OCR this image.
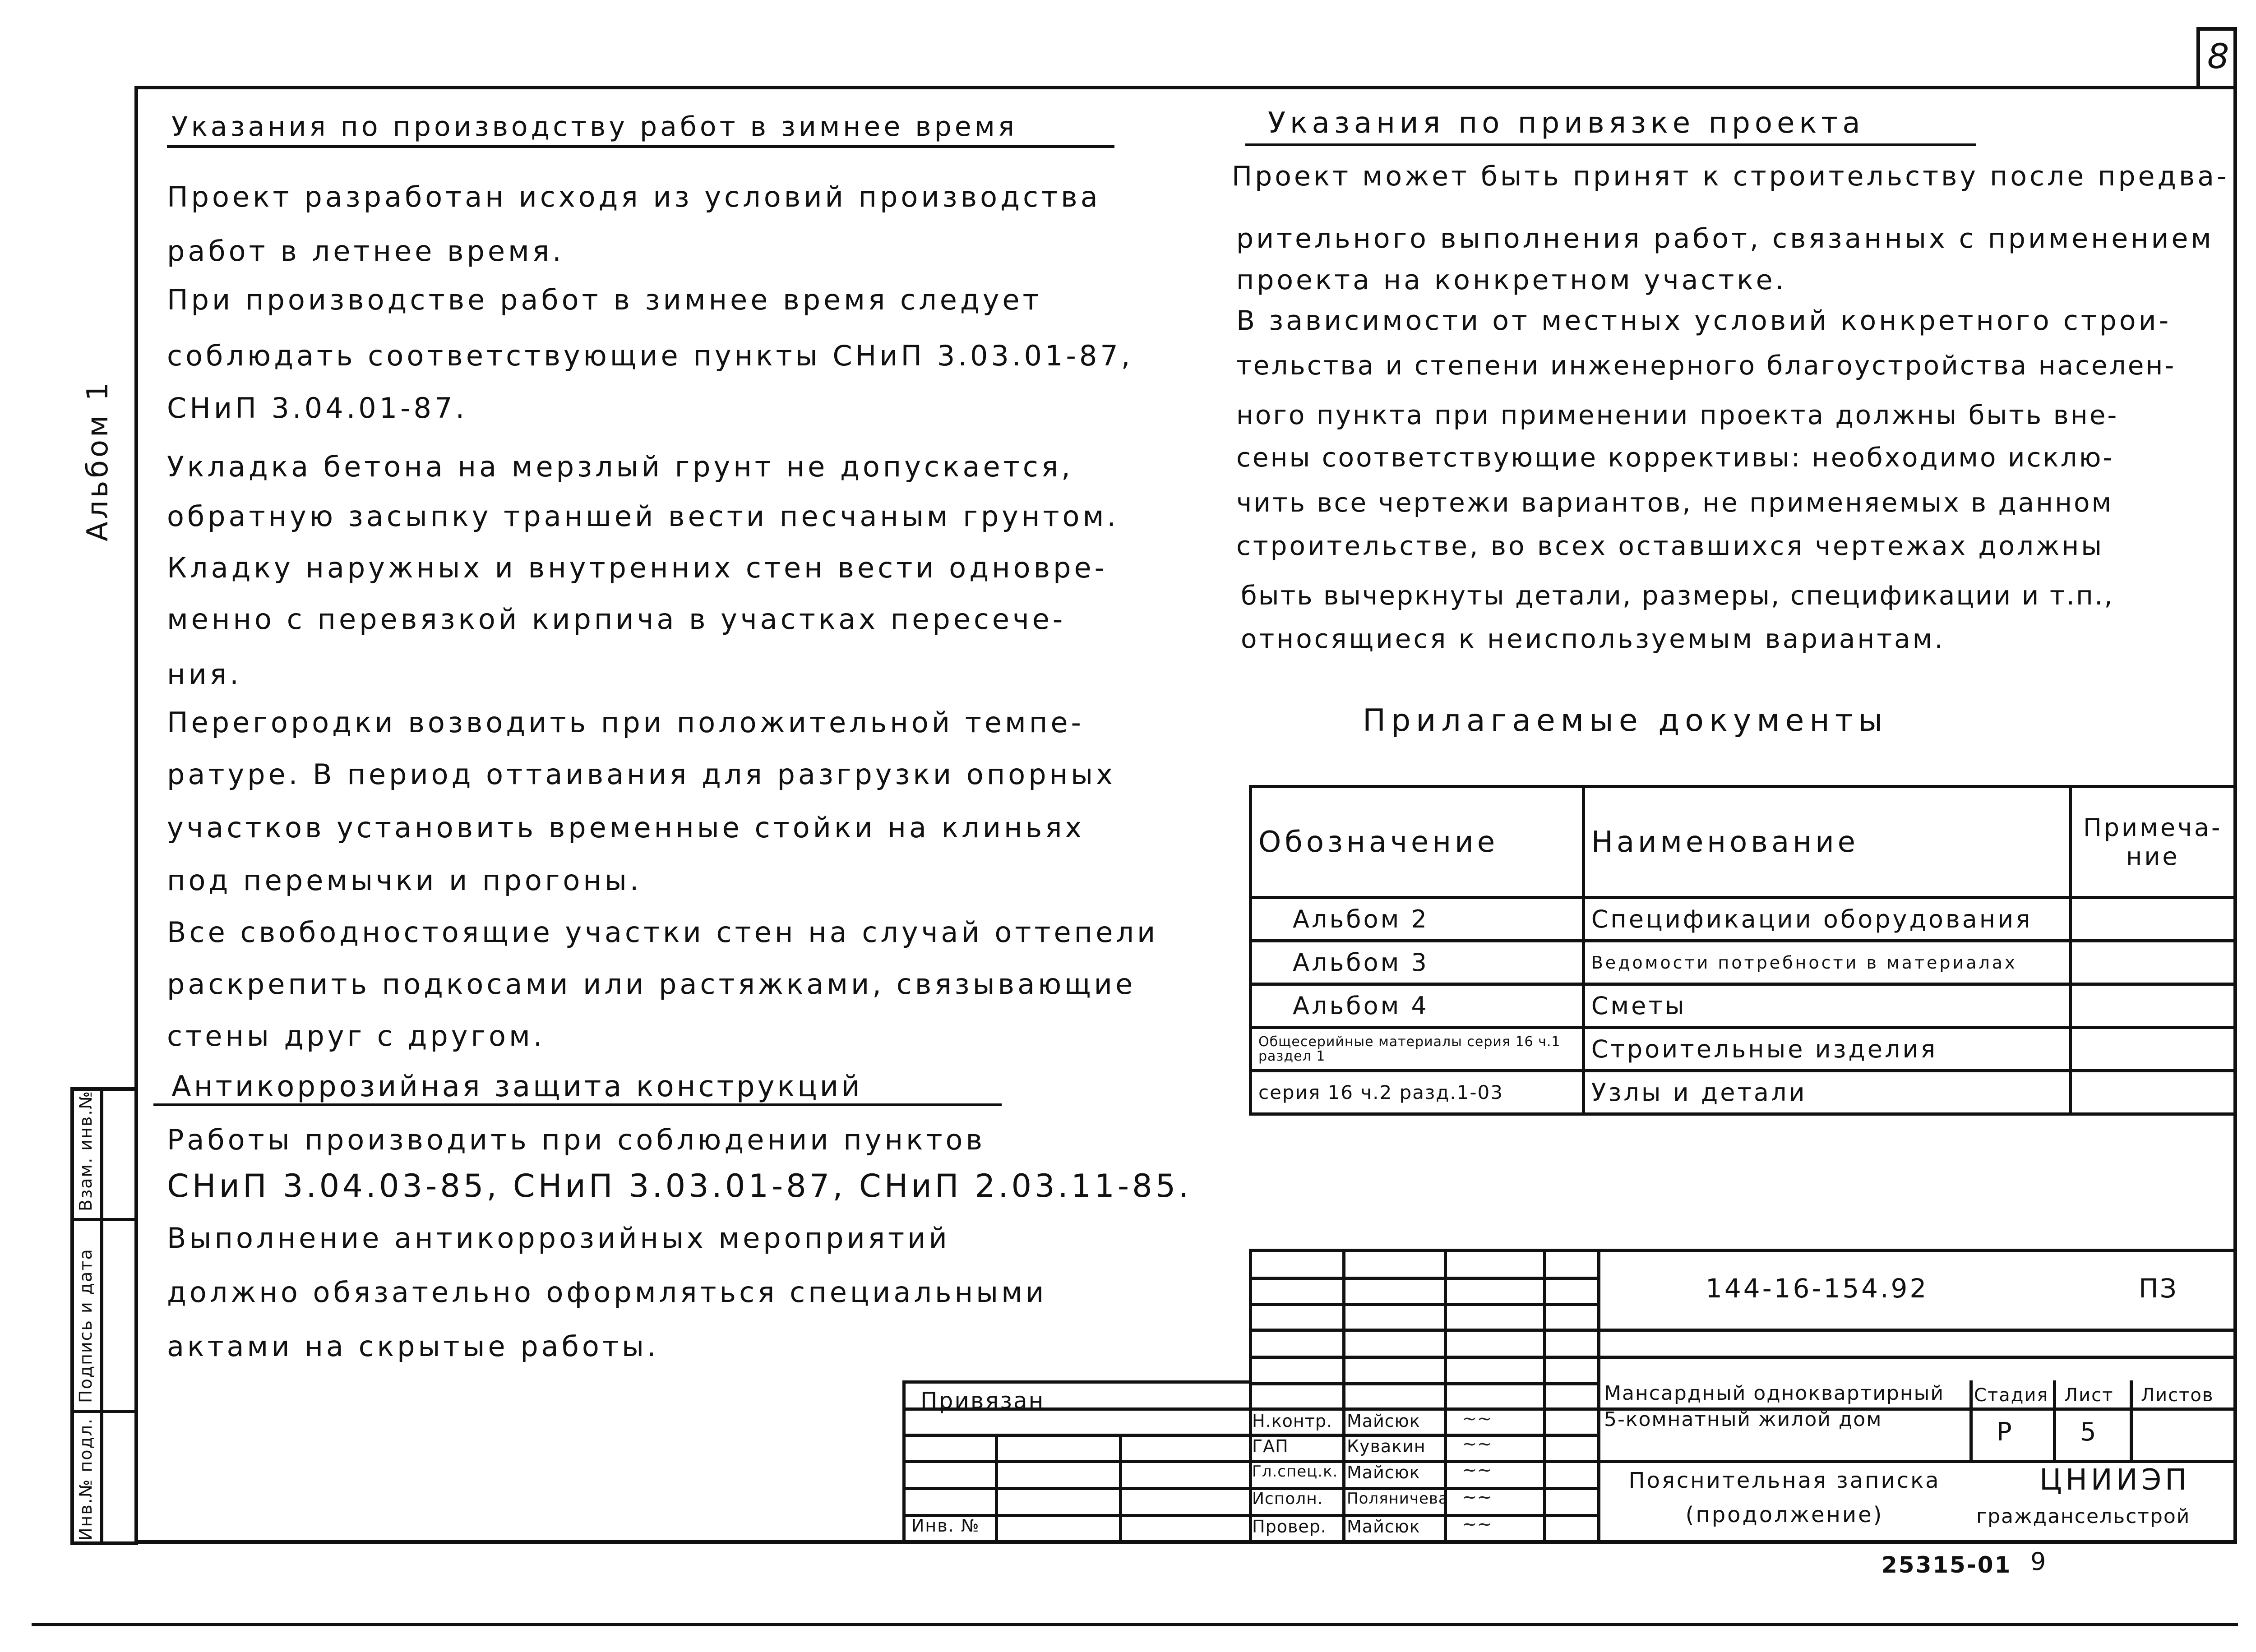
8
Альбом 1
Инв.№ подл.
Подпись и дата
Взам. инв.№
Указания по производству работ в зимнее время
Проект разработан исходя из условий производства
работ в летнее время.
При производстве работ в зимнее время следует
соблюдать соответствующие пункты СНиП 3.03.01-87,
СНиП 3.04.01-87.
Укладка бетона на мерзлый грунт не допускается,
обратную засыпку траншей вести песчаным грунтом.
Кладку наружных и внутренних стен вести одновре-
менно с перевязкой кирпича в участках пересече-
ния.
Перегородки возводить при положительной темпе-
ратуре. В период оттаивания для разгрузки опорных
участков установить временные стойки на клиньях
под перемычки и прогоны.
Все свободностоящие участки стен на случай оттепели
раскрепить подкосами или растяжками, связывающие
стены друг с другом.
Антикоррозийная защита конструкций
Работы производить при соблюдении пунктов
СНиП 3.04.03-85, СНиП 3.03.01-87, СНиП 2.03.11-85.
Выполнение антикоррозийных мероприятий
должно обязательно оформляться специальными
актами на скрытые работы.
Указания по привязке проекта
Проект может быть принят к строительству после предва-
рительного выполнения работ, связанных с применением
проекта на конкретном участке.
В зависимости от местных условий конкретного строи-
тельства и степени инженерного благоустройства населен-
ного пункта при применении проекта должны быть вне-
сены соответствующие коррективы: необходимо исклю-
чить все чертежи вариантов, не применяемых в данном
строительстве, во всех оставшихся чертежах должны
быть вычеркнуты детали, размеры, спецификации и т.п.,
относящиеся к неиспользуемым вариантам.
Прилагаемые документы
Обозначение	Наименование	Примеча-ние
Альбом 2	Спецификации оборудования	
Альбом 3	Ведомости потребности в материалах	
Альбом 4	Сметы	
Общесерийные материалы серия 16 ч.1 раздел 1	Строительные изделия	
серия 16 ч.2 разд.1-03	Узлы и детали	
Привязан
Инв. №
144-16-154.92	ПЗ
Мансардный одноквартирный 5-комнатный жилой дом
Стадия Лист Листов
Р	5
Пояснительная записка (продолжение)
ЦНИИЭП
граждансельстрой
Н.контр. Майсюк ~~
ГАП	Кувакин ~~
Гл.спец.к. Майсюк ~~
Исполн. Поляничева ~~
Провер. Майсюк ~~
25315-01 9
